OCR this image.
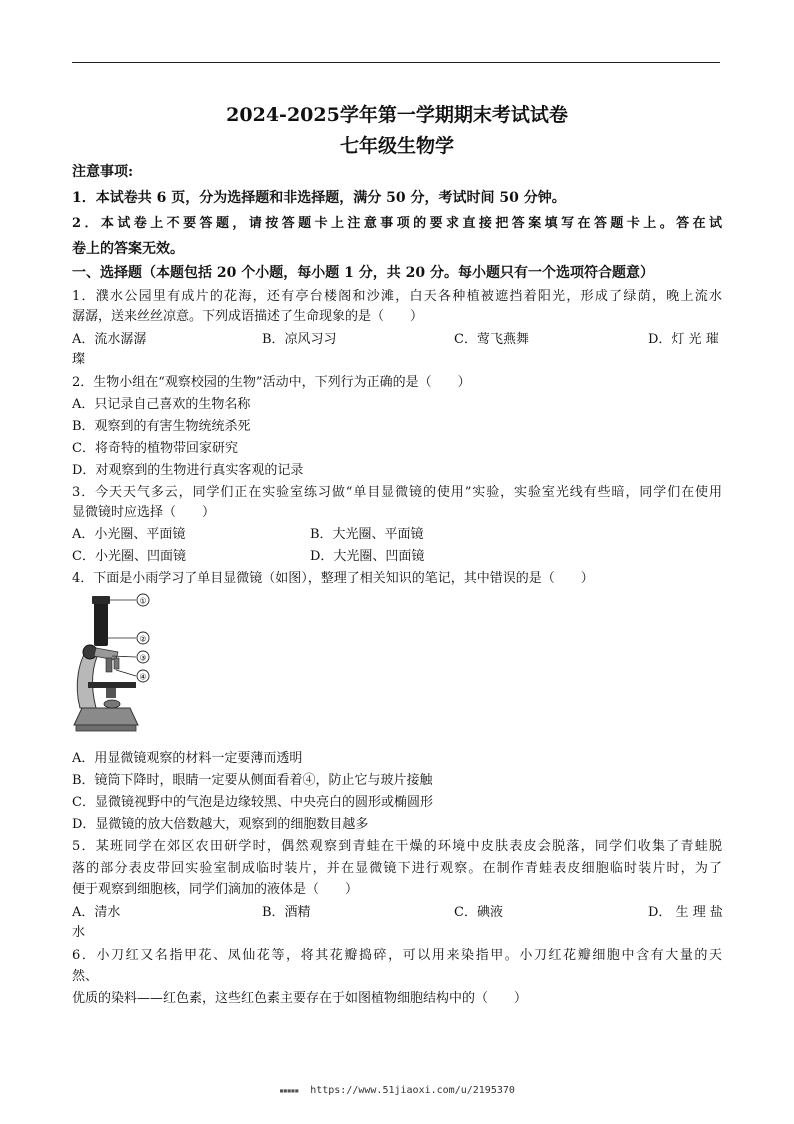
2024-2025学年第一学期期末考试试卷
七年级生物学
注意事项:
1．本试卷共 6 页，分为选择题和非选择题，满分 50 分，考试时间 50 分钟。
2．本试卷上不要答题，请按答题卡上注意事项的要求直接把答案填写在答题卡上。答在试
卷上的答案无效。
一、选择题（本题包括 20 个小题，每小题 1 分，共 20 分。每小题只有一个选项符合题意）
1．濮水公园里有成片的花海，还有亭台楼阁和沙滩，白天各种植被遮挡着阳光，形成了绿荫，晚上流水
潺潺，送来丝丝凉意。下列成语描述了生命现象的是（　　）
A．流水潺潺	B．凉风习习	C．莺飞燕舞	D．灯 光 璀
璨
2．生物小组在“观察校园的生物”活动中，下列行为正确的是（　　）
A．只记录自己喜欢的生物名称
B．观察到的有害生物统统杀死
C．将奇特的植物带回家研究
D．对观察到的生物进行真实客观的记录
3．今天天气多云，同学们正在实验室练习做“单目显微镜的使用”实验，实验室光线有些暗，同学们在使用
显微镜时应选择（　　）
A．小光圈、平面镜	B．大光圈、平面镜
C．小光圈、凹面镜	D．大光圈、凹面镜
4．下面是小雨学习了单目显微镜（如图），整理了相关知识的笔记，其中错误的是（　　）
①
②
③
④
A．用显微镜观察的材料一定要薄而透明
B．镜筒下降时，眼睛一定要从侧面看着④，防止它与玻片接触
C．显微镜视野中的气泡是边缘较黑、中央亮白的圆形或椭圆形
D．显微镜的放大倍数越大，观察到的细胞数目越多
5．某班同学在郊区农田研学时，偶然观察到青蛙在干燥的环境中皮肤表皮会脱落，同学们收集了青蛙脱
落的部分表皮带回实验室制成临时装片，并在显微镜下进行观察。在制作青蛙表皮细胞临时装片时，为了
便于观察到细胞核，同学们滴加的液体是（　　）
A．清水	B．酒精	C．碘液	D． 生 理 盐
水
6．小刀红又名指甲花、凤仙花等，将其花瓣捣碎，可以用来染指甲。小刀红花瓣细胞中含有大量的天
然、
优质的染料——红色素，这些红色素主要存在于如图植物细胞结构中的（　　）
▪▪▪▪▪ https://www.51jiaoxi.com/u/2195370
